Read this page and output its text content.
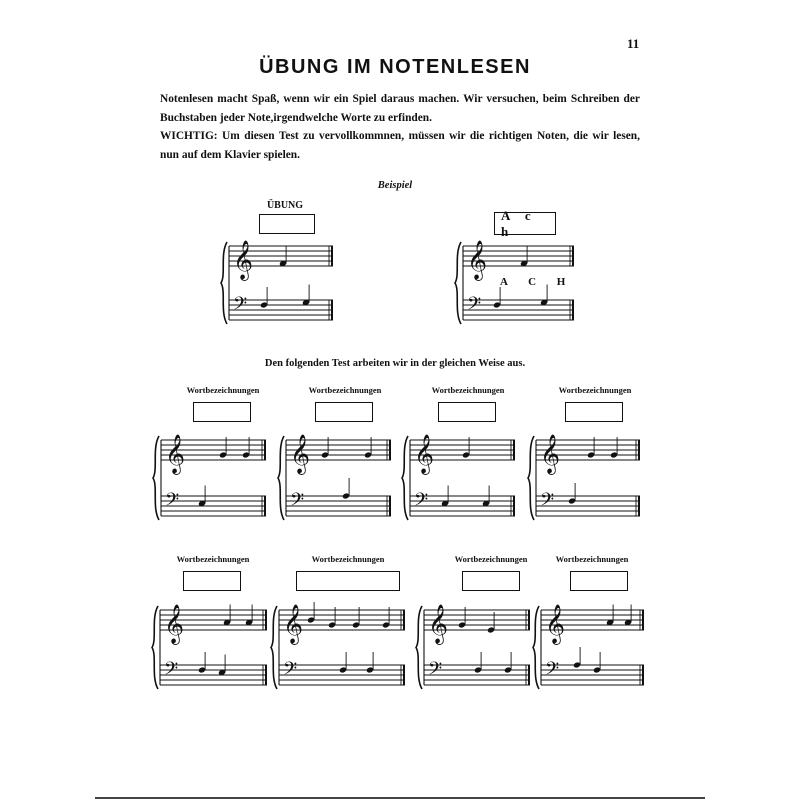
11
ÜBUNG IM NOTENLESEN

Notenlesen macht Spaß, wenn wir ein Spiel daraus machen. Wir versuchen, beim Schreiben der Buchstaben jeder Note,irgendwelche Worte zu erfinden.

WICHTIG: Um diesen Test zu vervollkommnen, müssen wir die richtigen Noten, die wir lesen, nun auf dem Klavier spielen.

Beispiel
ÜBUNG
A c h
A C H
Den folgenden Test arbeiten wir in der gleichen Weise aus.
Wortbezeichnungen	Wortbezeichnungen	Wortbezeichnungen	Wortbezeichnungen
Wortbezeichnungen	Wortbezeichnungen	Wortbezeichnungen	Wortbezeichnungen
𝄞
𝄢
𝄞
𝄢
𝄞
𝄢
𝄞
𝄢
𝄞
𝄢
𝄞
𝄢
𝄞
𝄢
𝄞
𝄢
𝄞
𝄢
𝄞
𝄢
